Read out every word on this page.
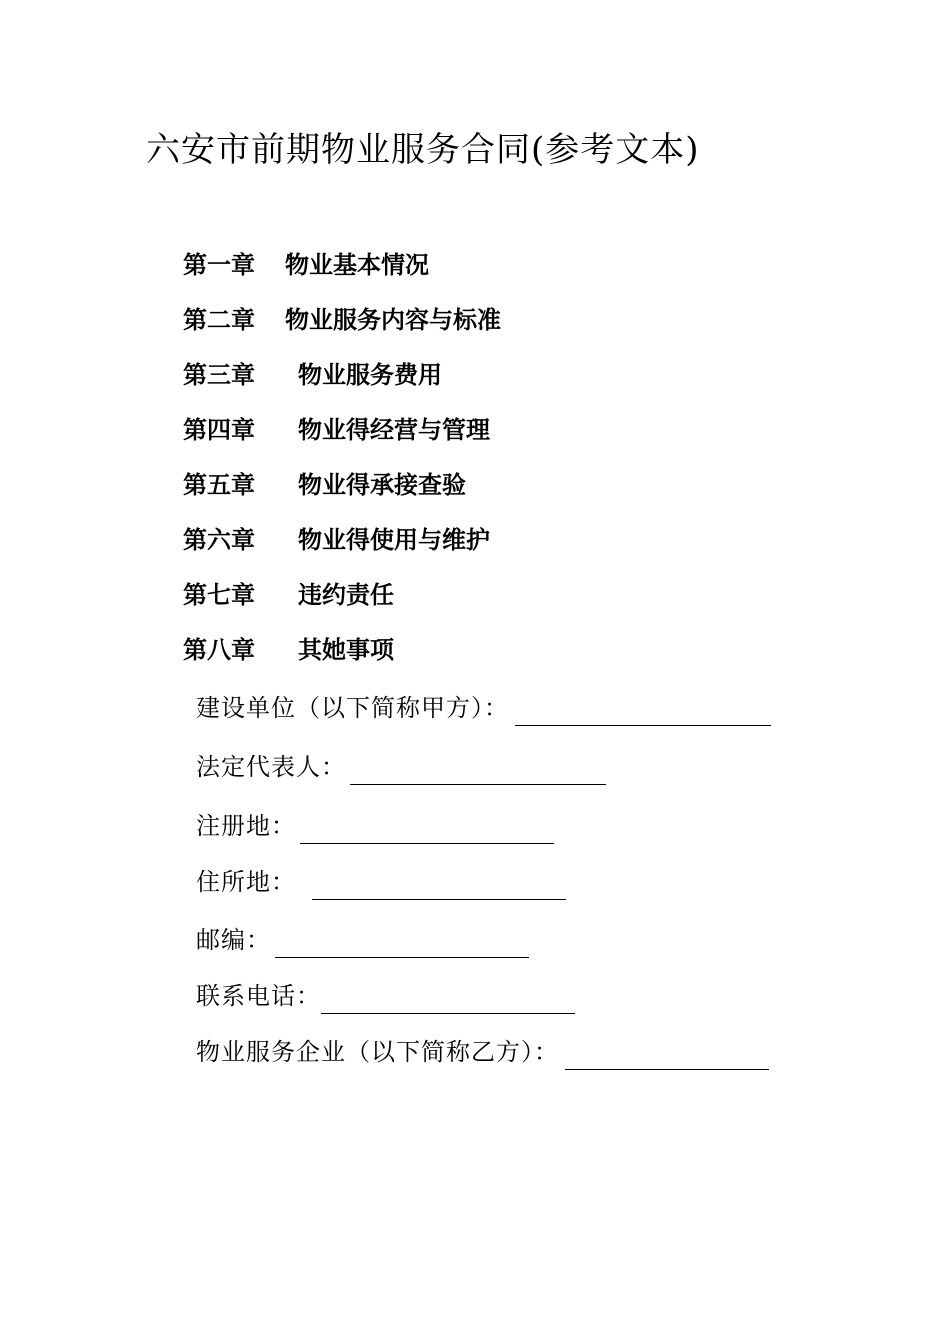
六安市前期物业服务合同(参考文本)
第一章 物业基本情况
第二章 物业服务内容与标准
第三章 物业服务费用
第四章 物业得经营与管理
第五章 物业得承接查验
第六章 物业得使用与维护
第七章 违约责任
第八章 其她事项
建设单位（以下简称甲方）：
法定代表人：
注册地：
住所地：
邮编：
联系电话：
物业服务企业（以下简称乙方）：
